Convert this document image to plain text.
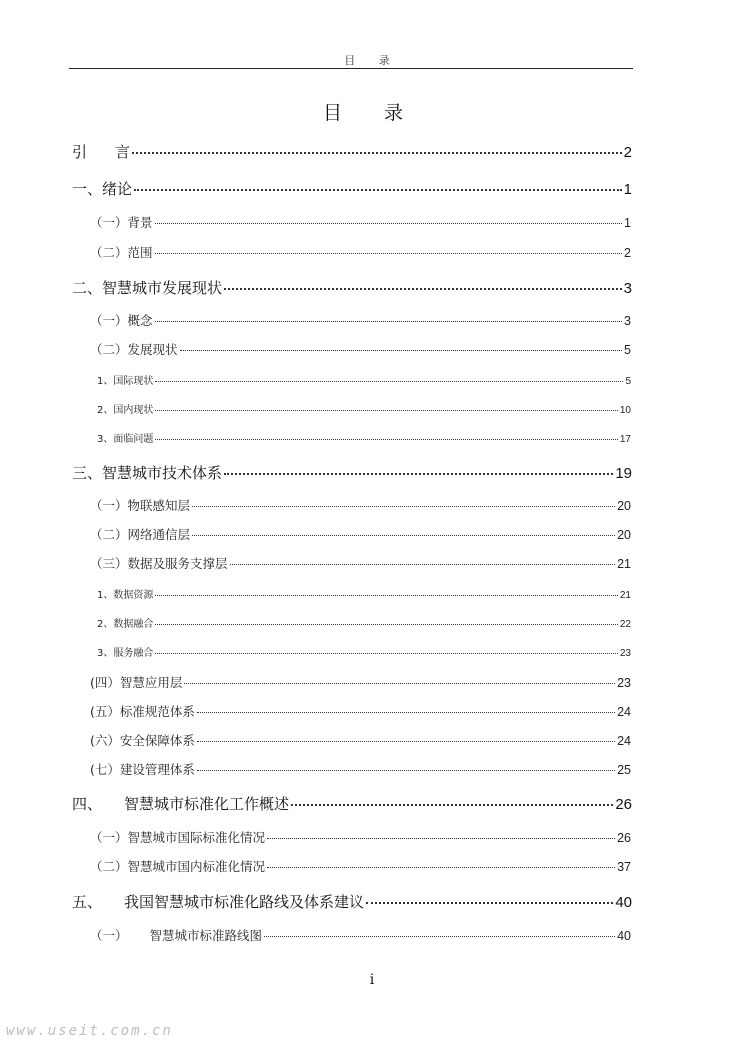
目 录
目 录
引 言	2
一、绪论	1
（一）背景	1
（二）范围	2
二、智慧城市发展现状	3
（一）概念	3
（二）发展现状	5
1、国际现状	5
2、国内现状	10
3、面临问题	17
三、智慧城市技术体系	19
（一）物联感知层	20
（二）网络通信层	20
（三）数据及服务支撑层	21
1、数据资源	21
2、数据融合	22
3、服务融合	23
(四）智慧应用层	23
(五）标准规范体系	24
(六）安全保障体系	24
(七）建设管理体系	25
四、 智慧城市标准化工作概述	26
（一）智慧城市国际标准化情况	26
（二）智慧城市国内标准化情况	37
五、 我国智慧城市标准化路线及体系建议	40
（一） 智慧城市标准路线图	40
i
www.useit.com.cn
